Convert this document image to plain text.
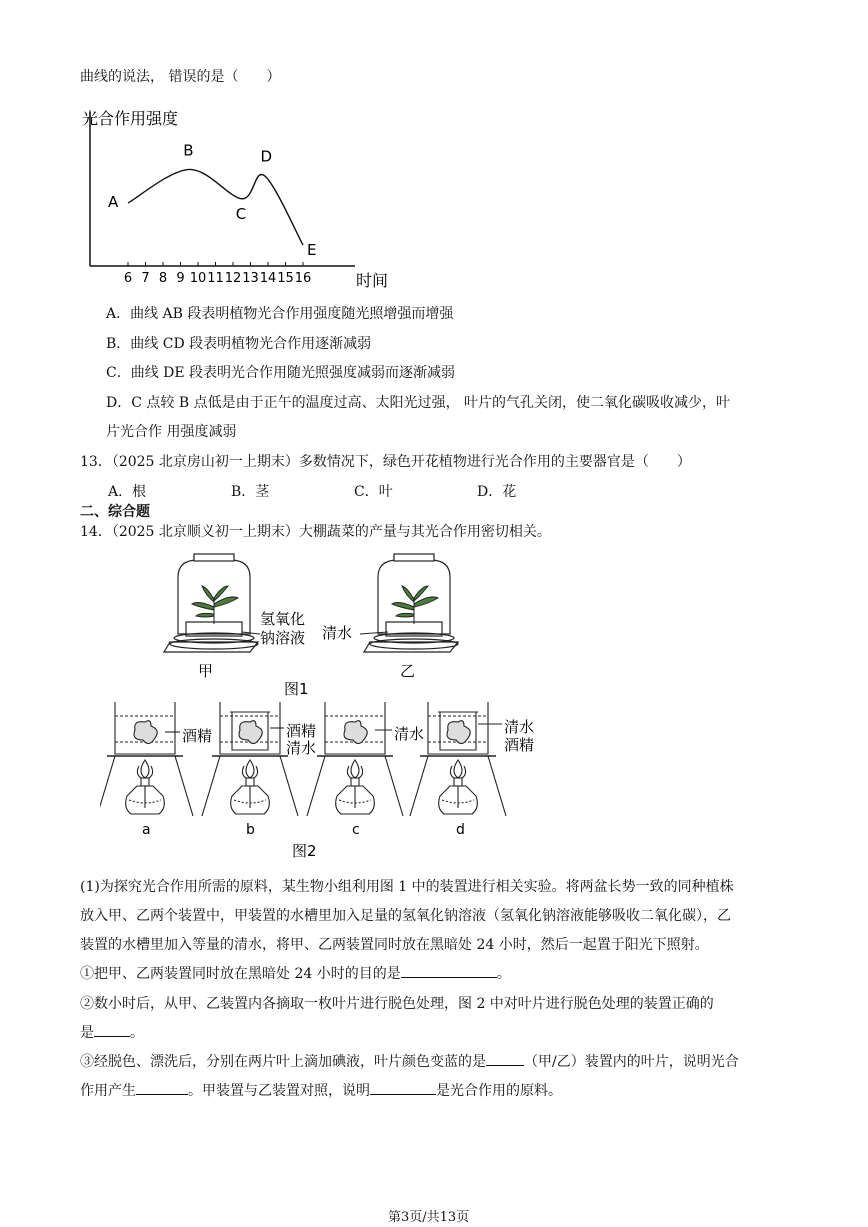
曲线的说法， 错误的是（　　）
光合作用强度
时间
6 7 8 9 10 11 12 13 14 15 16
A
B
C
D
E
A．曲线 AB 段表明植物光合作用强度随光照增强而增强
B．曲线 CD 段表明植物光合作用逐渐减弱
C．曲线 DE 段表明光合作用随光照强度减弱而逐渐减弱
D．C 点较 B 点低是由于正午的温度过高、太阳光过强， 叶片的气孔关闭，使二氧化碳吸收减少，叶
片光合作 用强度减弱
13．（2025 北京房山初一上期末）多数情况下，绿色开花植物进行光合作用的主要器官是（　　）
A．根	B．茎	C．叶	D．花
二、综合题
14．（2025 北京顺义初一上期末）大棚蔬菜的产量与其光合作用密切相关。
氢氧化
钠溶液
甲
清水
乙
图1
酒精	酒精
清水
清水	清水
酒精
a	b	c	d
图2
(1)为探究光合作用所需的原料，某生物小组利用图 1 中的装置进行相关实验。将两盆长势一致的同种植株
放入甲、乙两个装置中，甲装置的水槽里加入足量的氢氧化钠溶液（氢氧化钠溶液能够吸收二氧化碳），乙
装置的水槽里加入等量的清水，将甲、乙两装置同时放在黑暗处 24 小时，然后一起置于阳光下照射。
①把甲、乙两装置同时放在黑暗处 24 小时的目的是	。
②数小时后，从甲、乙装置内各摘取一枚叶片进行脱色处理，图 2 中对叶片进行脱色处理的装置正确的
是	。
③经脱色、漂洗后，分别在两片叶上滴加碘液，叶片颜色变蓝的是	（甲/乙）装置内的叶片，说明光合
作用产生	。甲装置与乙装置对照，说明	是光合作用的原料。
第3页/共13页
